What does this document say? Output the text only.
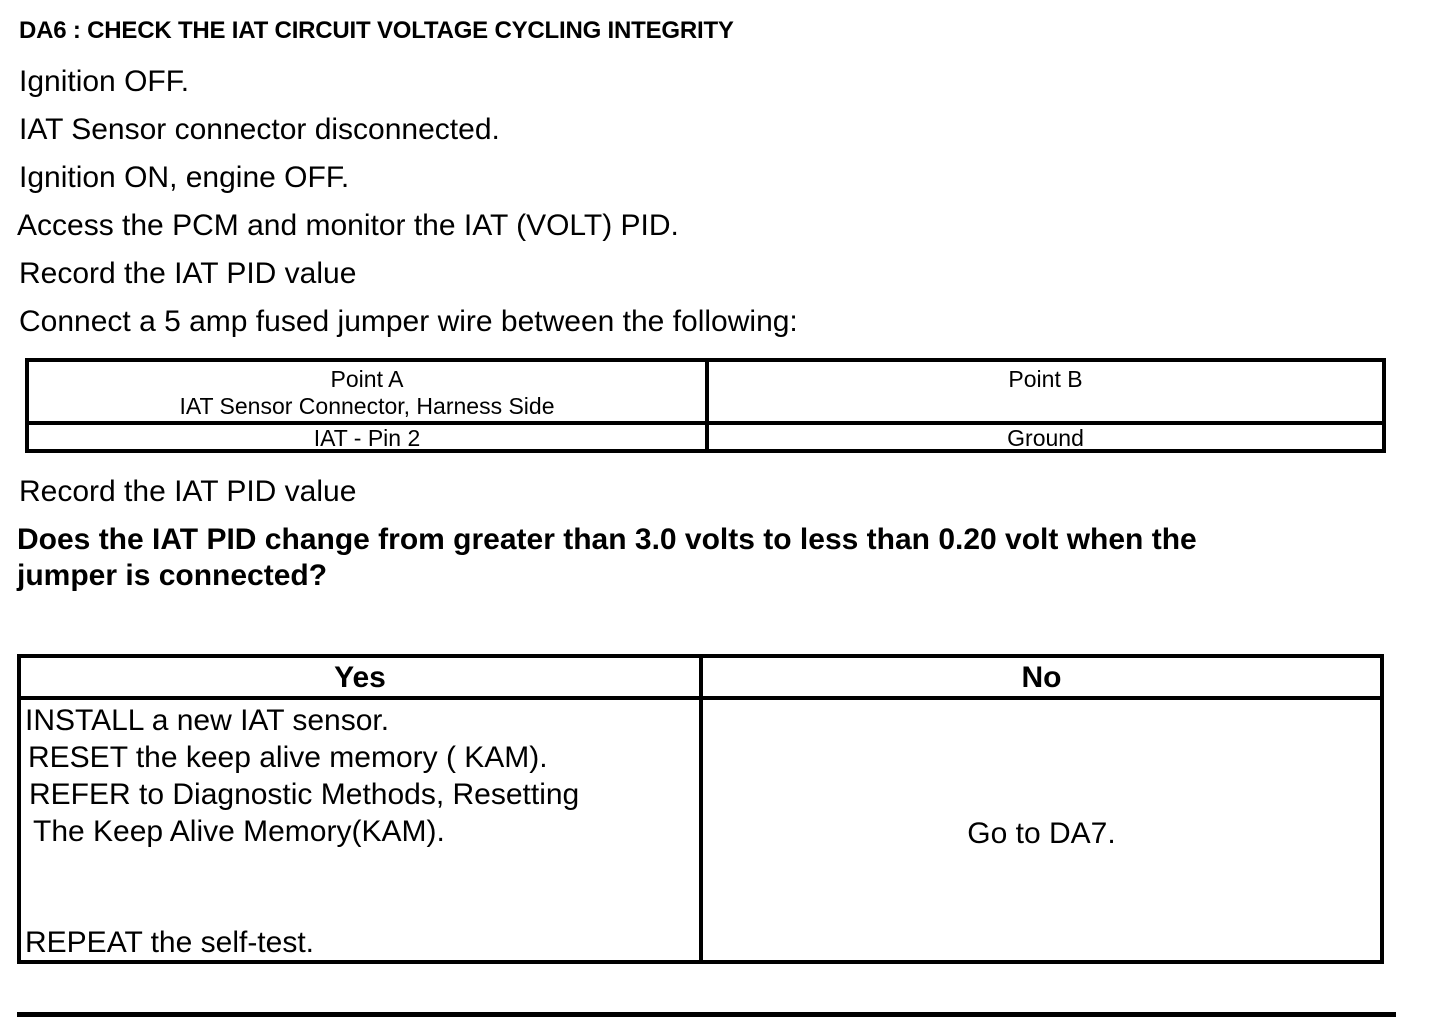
DA6 : CHECK THE IAT CIRCUIT VOLTAGE CYCLING INTEGRITY
Ignition OFF.
IAT Sensor connector disconnected.
Ignition ON, engine OFF.
Access the PCM and monitor the IAT (VOLT) PID.
Record the IAT PID value
Connect a 5 amp fused jumper wire between the following:
Point A
IAT Sensor Connector, Harness Side
Point B
IAT - Pin 2	Ground
Record the IAT PID value
Does the IAT PID change from greater than 3.0 volts to less than 0.20 volt when the
jumper is connected?
Yes	No
INSTALL a new IAT sensor.
RESET the keep alive memory ( KAM).
REFER to Diagnostic Methods, Resetting
The Keep Alive Memory(KAM).
REPEAT the self-test.
Go to DA7.
